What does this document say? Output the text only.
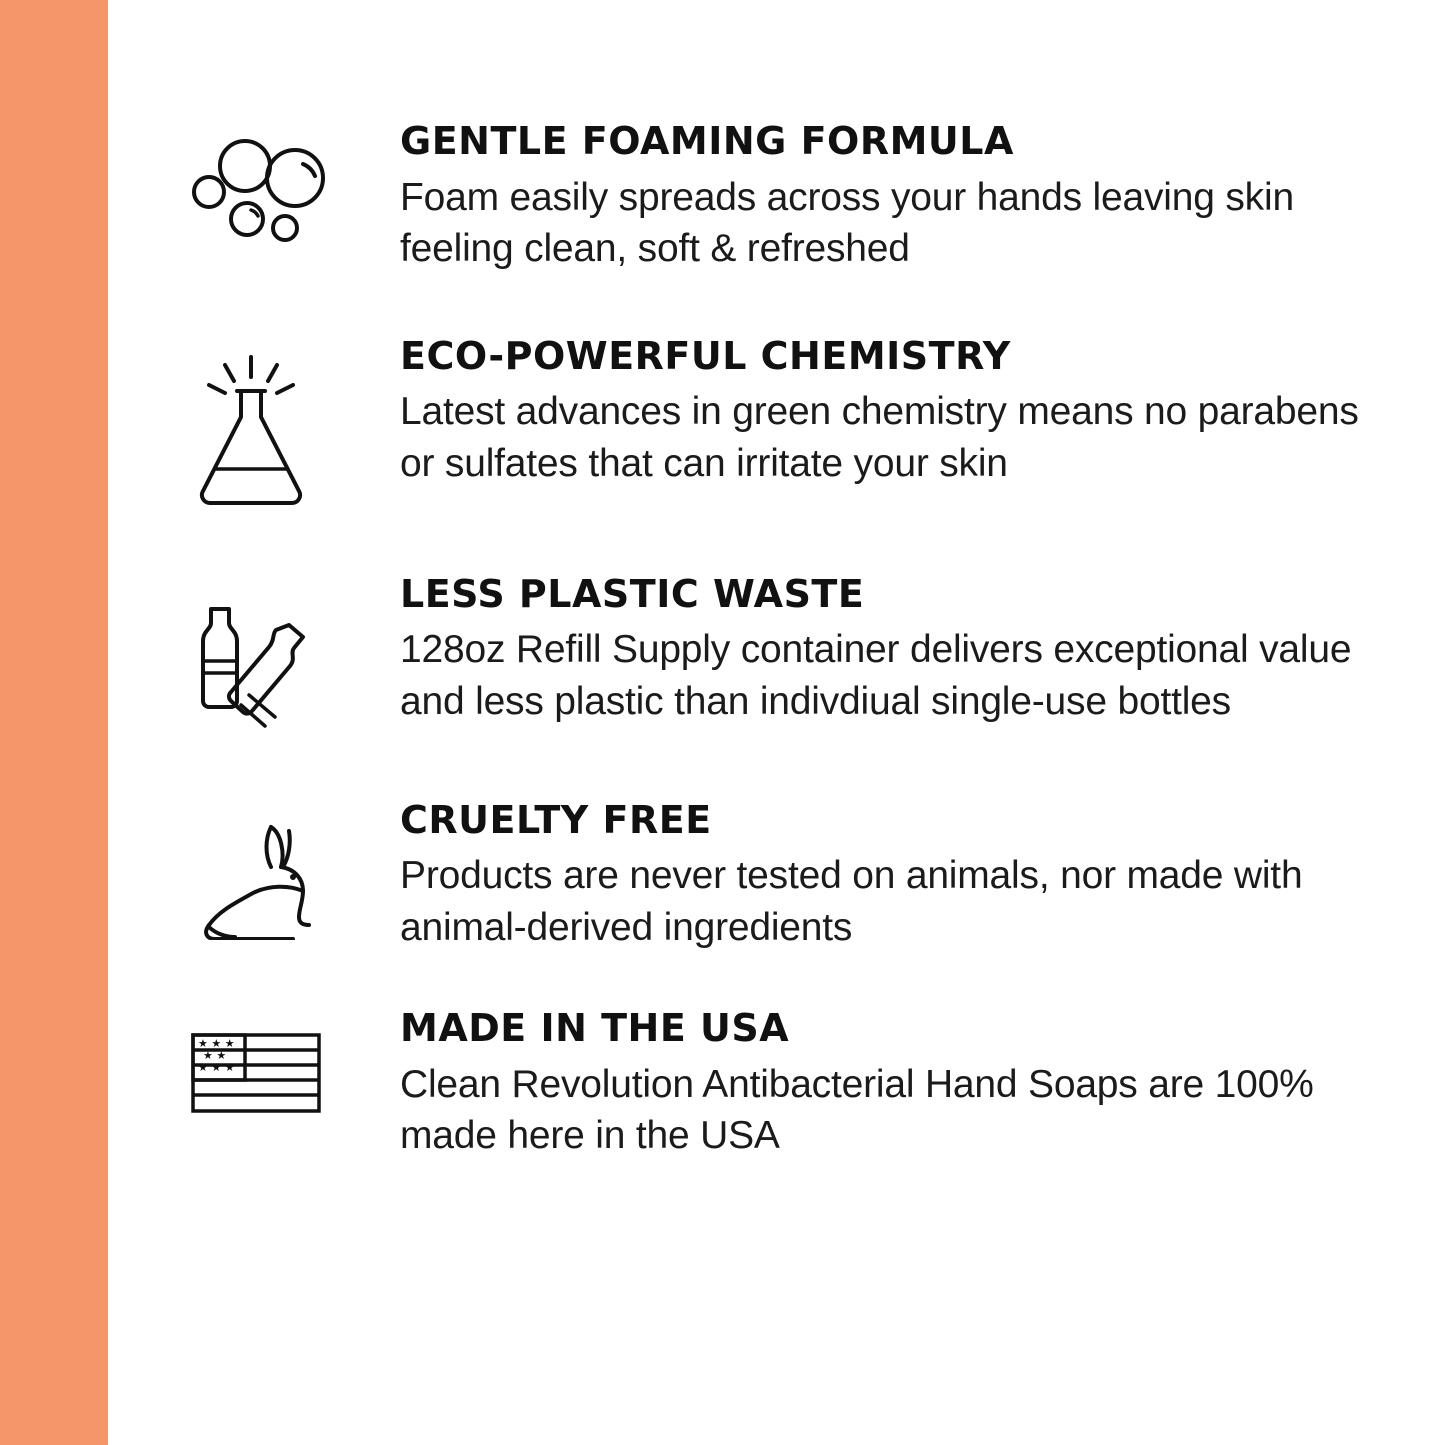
GENTLE FOAMING FORMULA

Foam easily spreads across your hands leaving skin feeling clean, soft & refreshed

ECO-POWERFUL CHEMISTRY

Latest advances in green chemistry means no parabens or sulfates that can irritate your skin

LESS PLASTIC WASTE

128oz Refill Supply container delivers exceptional value and less plastic than indivdiual single-use bottles

CRUELTY FREE

Products are never tested on animals, nor made with animal-derived ingredients

★ ★ ★
★ ★
★ ★ ★
MADE IN THE USA

Clean Revolution Antibacterial Hand Soaps are 100% made here in the USA
